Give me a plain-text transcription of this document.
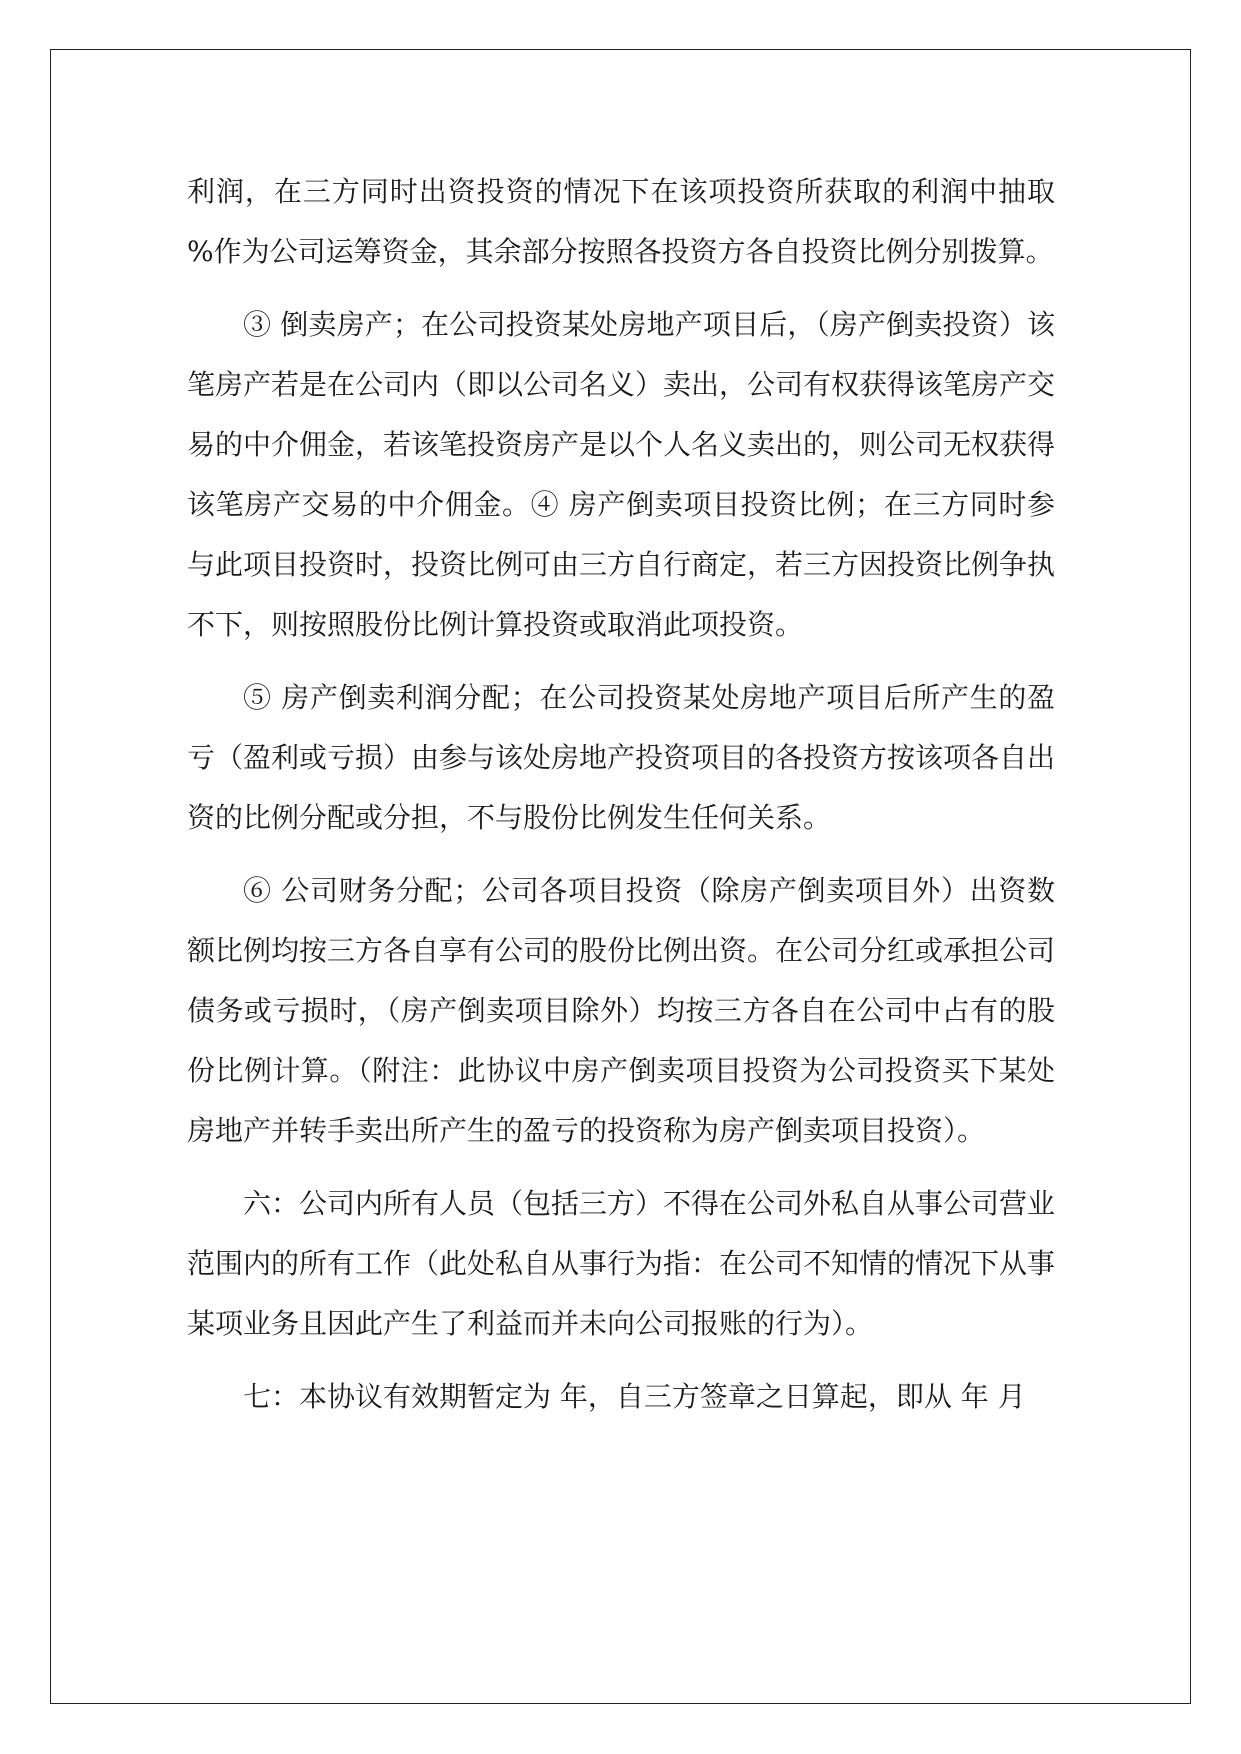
利润，在三方同时出资投资的情况下在该项投资所获取的利润中抽取 %作为公司运筹资金，其余部分按照各投资方各自投资比例分别拨算。

③ 倒卖房产；在公司投资某处房地产项目后，（房产倒卖投资）该笔房产若是在公司内（即以公司名义）卖出，公司有权获得该笔房产交易的中介佣金，若该笔投资房产是以个人名义卖出的，则公司无权获得该笔房产交易的中介佣金。④ 房产倒卖项目投资比例；在三方同时参与此项目投资时，投资比例可由三方自行商定，若三方因投资比例争执不下，则按照股份比例计算投资或取消此项投资。

⑤ 房产倒卖利润分配；在公司投资某处房地产项目后所产生的盈亏（盈利或亏损）由参与该处房地产投资项目的各投资方按该项各自出资的比例分配或分担，不与股份比例发生任何关系。

⑥ 公司财务分配；公司各项目投资（除房产倒卖项目外）出资数额比例均按三方各自享有公司的股份比例出资。在公司分红或承担公司债务或亏损时，（房产倒卖项目除外）均按三方各自在公司中占有的股份比例计算。（附注：此协议中房产倒卖项目投资为公司投资买下某处房地产并转手卖出所产生的盈亏的投资称为房产倒卖项目投资）。

六：公司内所有人员（包括三方）不得在公司外私自从事公司营业范围内的所有工作（此处私自从事行为指：在公司不知情的情况下从事某项业务且因此产生了利益而并未向公司报账的行为）。

七：本协议有效期暂定为 年，自三方签章之日算起，即从 年 月
